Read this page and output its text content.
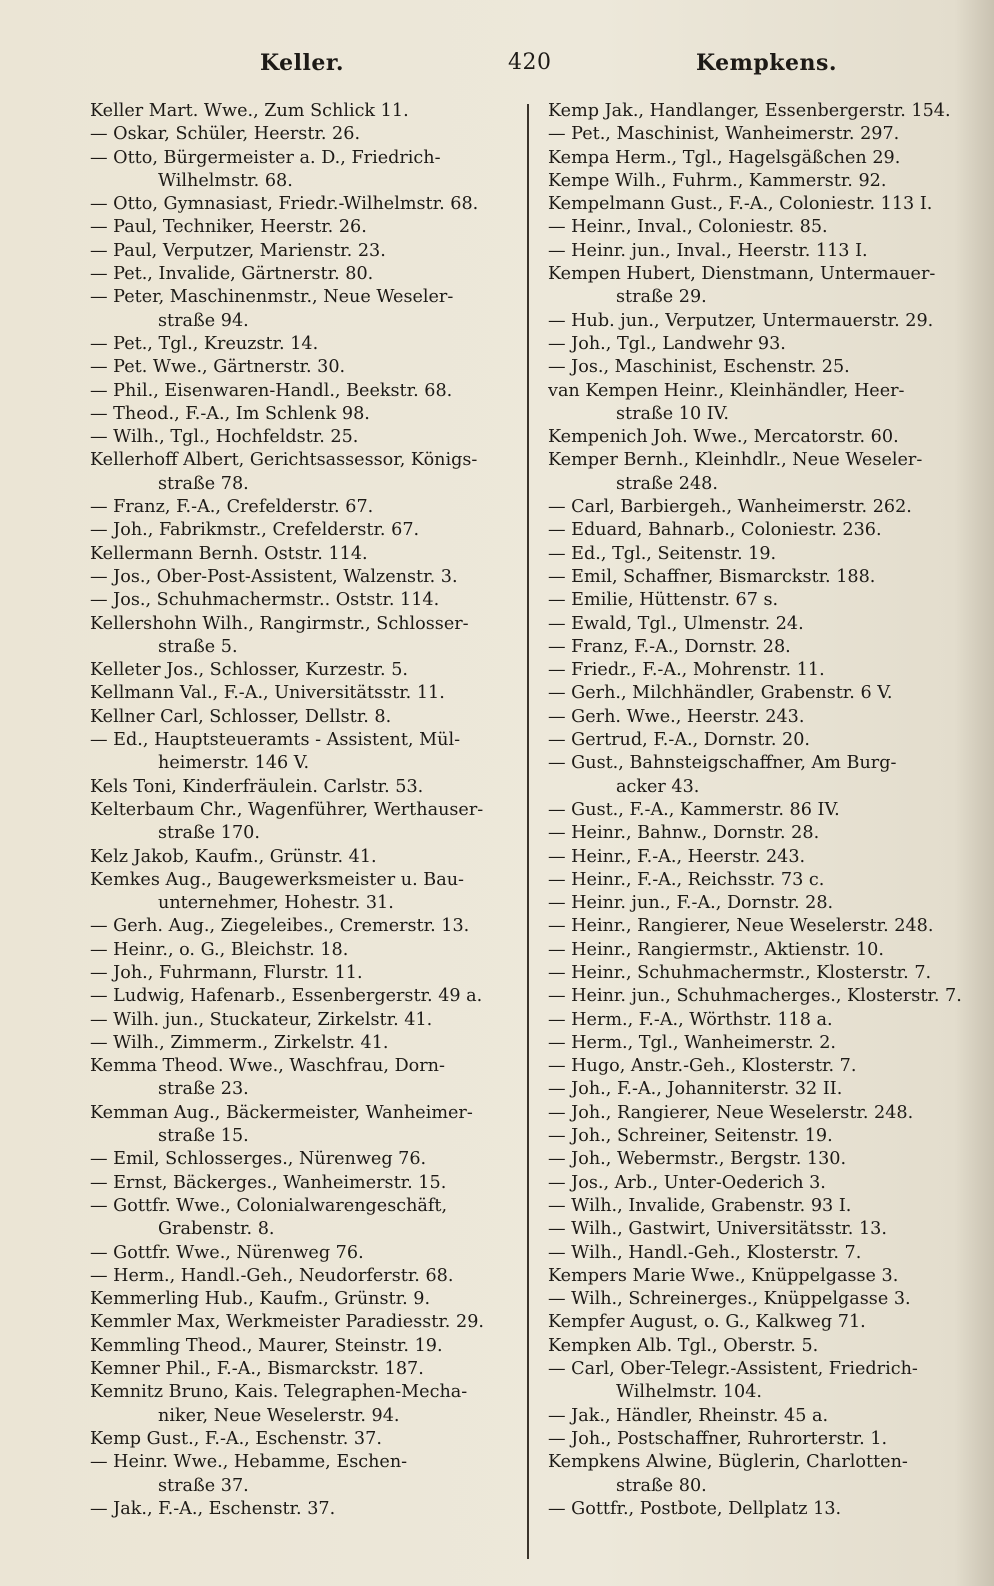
Keller.	420	Kempkens.
Keller Mart. Wwe., Zum Schlick 11.
— Oskar, Schüler, Heerstr. 26.
— Otto, Bürgermeister a. D., Friedrich-
Wilhelmstr. 68.
— Otto, Gymnasiast, Friedr.-Wilhelmstr. 68.
— Paul, Techniker, Heerstr. 26.
— Paul, Verputzer, Marienstr. 23.
— Pet., Invalide, Gärtnerstr. 80.
— Peter, Maschinenmstr., Neue Weseler-
straße 94.
— Pet., Tgl., Kreuzstr. 14.
— Pet. Wwe., Gärtnerstr. 30.
— Phil., Eisenwaren-Handl., Beekstr. 68.
— Theod., F.-A., Im Schlenk 98.
— Wilh., Tgl., Hochfeldstr. 25.
Kellerhoff Albert, Gerichtsassessor, Königs-
straße 78.
— Franz, F.-A., Crefelderstr. 67.
— Joh., Fabrikmstr., Crefelderstr. 67.
Kellermann Bernh. Oststr. 114.
— Jos., Ober-Post-Assistent, Walzenstr. 3.
— Jos., Schuhmachermstr.. Oststr. 114.
Kellershohn Wilh., Rangirmstr., Schlosser-
straße 5.
Kelleter Jos., Schlosser, Kurzestr. 5.
Kellmann Val., F.-A., Universitätsstr. 11.
Kellner Carl, Schlosser, Dellstr. 8.
— Ed., Hauptsteueramts - Assistent, Mül-
heimerstr. 146 V.
Kels Toni, Kinderfräulein. Carlstr. 53.
Kelterbaum Chr., Wagenführer, Werthauser-
straße 170.
Kelz Jakob, Kaufm., Grünstr. 41.
Kemkes Aug., Baugewerksmeister u. Bau-
unternehmer, Hohestr. 31.
— Gerh. Aug., Ziegeleibes., Cremerstr. 13.
— Heinr., o. G., Bleichstr. 18.
— Joh., Fuhrmann, Flurstr. 11.
— Ludwig, Hafenarb., Essenbergerstr. 49 a.
— Wilh. jun., Stuckateur, Zirkelstr. 41.
— Wilh., Zimmerm., Zirkelstr. 41.
Kemma Theod. Wwe., Waschfrau, Dorn-
straße 23.
Kemman Aug., Bäckermeister, Wanheimer-
straße 15.
— Emil, Schlosserges., Nürenweg 76.
— Ernst, Bäckerges., Wanheimerstr. 15.
— Gottfr. Wwe., Colonialwarengeschäft,
Grabenstr. 8.
— Gottfr. Wwe., Nürenweg 76.
— Herm., Handl.-Geh., Neudorferstr. 68.
Kemmerling Hub., Kaufm., Grünstr. 9.
Kemmler Max, Werkmeister Paradiesstr. 29.
Kemmling Theod., Maurer, Steinstr. 19.
Kemner Phil., F.-A., Bismarckstr. 187.
Kemnitz Bruno, Kais. Telegraphen-Mecha-
niker, Neue Weselerstr. 94.
Kemp Gust., F.-A., Eschenstr. 37.
— Heinr. Wwe., Hebamme, Eschen-
straße 37.
— Jak., F.-A., Eschenstr. 37.
Kemp Jak., Handlanger, Essenbergerstr. 154.
— Pet., Maschinist, Wanheimerstr. 297.
Kempa Herm., Tgl., Hagelsgäßchen 29.
Kempe Wilh., Fuhrm., Kammerstr. 92.
Kempelmann Gust., F.-A., Coloniestr. 113 I.
— Heinr., Inval., Coloniestr. 85.
— Heinr. jun., Inval., Heerstr. 113 I.
Kempen Hubert, Dienstmann, Untermauer-
straße 29.
— Hub. jun., Verputzer, Untermauerstr. 29.
— Joh., Tgl., Landwehr 93.
— Jos., Maschinist, Eschenstr. 25.
van Kempen Heinr., Kleinhändler, Heer-
straße 10 IV.
Kempenich Joh. Wwe., Mercatorstr. 60.
Kemper Bernh., Kleinhdlr., Neue Weseler-
straße 248.
— Carl, Barbiergeh., Wanheimerstr. 262.
— Eduard, Bahnarb., Coloniestr. 236.
— Ed., Tgl., Seitenstr. 19.
— Emil, Schaffner, Bismarckstr. 188.
— Emilie, Hüttenstr. 67 s.
— Ewald, Tgl., Ulmenstr. 24.
— Franz, F.-A., Dornstr. 28.
— Friedr., F.-A., Mohrenstr. 11.
— Gerh., Milchhändler, Grabenstr. 6 V.
— Gerh. Wwe., Heerstr. 243.
— Gertrud, F.-A., Dornstr. 20.
— Gust., Bahnsteigschaffner, Am Burg-
acker 43.
— Gust., F.-A., Kammerstr. 86 IV.
— Heinr., Bahnw., Dornstr. 28.
— Heinr., F.-A., Heerstr. 243.
— Heinr., F.-A., Reichsstr. 73 c.
— Heinr. jun., F.-A., Dornstr. 28.
— Heinr., Rangierer, Neue Weselerstr. 248.
— Heinr., Rangiermstr., Aktienstr. 10.
— Heinr., Schuhmachermstr., Klosterstr. 7.
— Heinr. jun., Schuhmacherges., Klosterstr. 7.
— Herm., F.-A., Wörthstr. 118 a.
— Herm., Tgl., Wanheimerstr. 2.
— Hugo, Anstr.-Geh., Klosterstr. 7.
— Joh., F.-A., Johanniterstr. 32 II.
— Joh., Rangierer, Neue Weselerstr. 248.
— Joh., Schreiner, Seitenstr. 19.
— Joh., Webermstr., Bergstr. 130.
— Jos., Arb., Unter-Oederich 3.
— Wilh., Invalide, Grabenstr. 93 I.
— Wilh., Gastwirt, Universitätsstr. 13.
— Wilh., Handl.-Geh., Klosterstr. 7.
Kempers Marie Wwe., Knüppelgasse 3.
— Wilh., Schreinerges., Knüppelgasse 3.
Kempfer August, o. G., Kalkweg 71.
Kempken Alb. Tgl., Oberstr. 5.
— Carl, Ober-Telegr.-Assistent, Friedrich-
Wilhelmstr. 104.
— Jak., Händler, Rheinstr. 45 a.
— Joh., Postschaffner, Ruhrorterstr. 1.
Kempkens Alwine, Büglerin, Charlotten-
straße 80.
— Gottfr., Postbote, Dellplatz 13.
